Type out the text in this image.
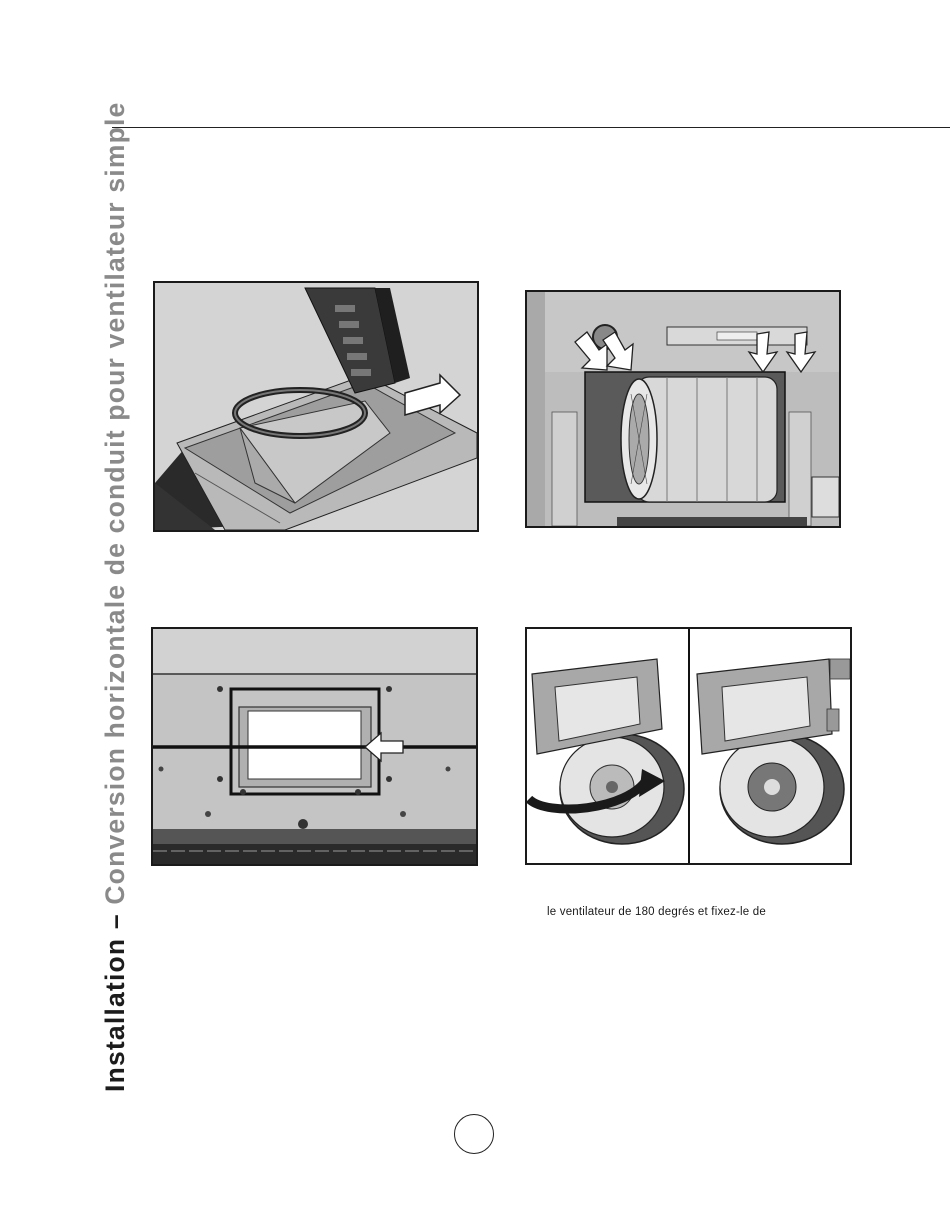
Installation – Conversion horizontale de conduit pour ventilateur simple
le ventilateur de 180 degrés et fixez-le de
